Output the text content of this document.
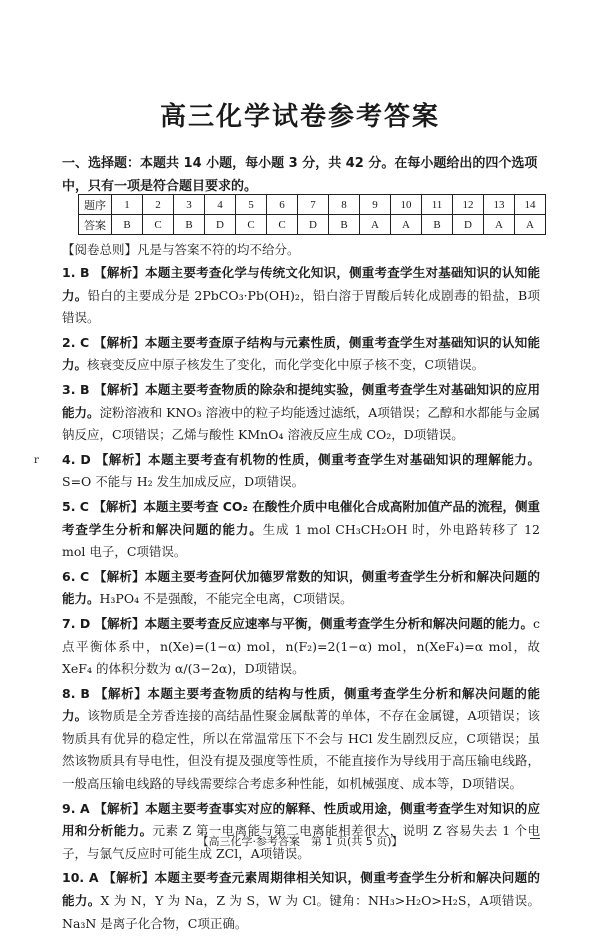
高三化学试卷参考答案
一、选择题：本题共 14 小题，每小题 3 分，共 42 分。在每小题给出的四个选项中，只有一项是符合题目要求的。
题序	1	2	3	4	5	6	7	8	9	10	11	12	13	14
答案	B	C	B	D	C	C	D	B	A	A	B	D	A	A
【阅卷总则】凡是与答案不符的均不给分。

1. B 【解析】本题主要考查化学与传统文化知识，侧重考查学生对基础知识的认知能力。铅白的主要成分是 2PbCO₃·Pb(OH)₂，铅白溶于胃酸后转化成剧毒的铅盐，B项错误。

2. C 【解析】本题主要考查原子结构与元素性质，侧重考查学生对基础知识的认知能力。核衰变反应中原子核发生了变化，而化学变化中原子核不变，C项错误。

3. B 【解析】本题主要考查物质的除杂和提纯实验，侧重考查学生对基础知识的应用能力。淀粉溶液和 KNO₃ 溶液中的粒子均能透过滤纸，A项错误；乙醇和水都能与金属钠反应，C项错误；乙烯与酸性 KMnO₄ 溶液反应生成 CO₂，D项错误。

4. D 【解析】本题主要考查有机物的性质，侧重考查学生对基础知识的理解能力。S=O 不能与 H₂ 发生加成反应，D项错误。

5. C 【解析】本题主要考查 CO₂ 在酸性介质中电催化合成高附加值产品的流程，侧重考查学生分析和解决问题的能力。生成 1 mol CH₃CH₂OH 时，外电路转移了 12 mol 电子，C项错误。

6. C 【解析】本题主要考查阿伏加德罗常数的知识，侧重考查学生分析和解决问题的能力。H₃PO₄ 不是强酸，不能完全电离，C项错误。

7. D 【解析】本题主要考查反应速率与平衡，侧重考查学生分析和解决问题的能力。c 点平衡体系中，n(Xe)=(1−α) mol，n(F₂)=2(1−α) mol，n(XeF₄)=α mol，故 XeF₄ 的体积分数为 α/(3−2α)，D项错误。

8. B 【解析】本题主要考查物质的结构与性质，侧重考查学生分析和解决问题的能力。该物质是全芳香连接的高结晶性聚金属酞菁的单体，不存在金属键，A项错误；该物质具有优异的稳定性，所以在常温常压下不会与 HCl 发生剧烈反应，C项错误；虽然该物质具有导电性，但没有提及强度等性质，不能直接作为导线用于高压输电线路，一般高压输电线路的导线需要综合考虑多种性能，如机械强度、成本等，D项错误。

9. A 【解析】本题主要考查事实对应的解释、性质或用途，侧重考查学生对知识的应用和分析能力。元素 Z 第一电离能与第二电离能相差很大，说明 Z 容易失去 1 个电子，与氯气反应时可能生成 ZCl，A项错误。

10. A 【解析】本题主要考查元素周期律相关知识，侧重考查学生分析和解决问题的能力。X 为 N，Y 为 Na，Z 为 S，W 为 Cl。键角：NH₃>H₂O>H₂S，A项错误。Na₃N 是离子化合物，C项正确。

r
【高三化学·参考答案　第 1 页(共 5 页)】
